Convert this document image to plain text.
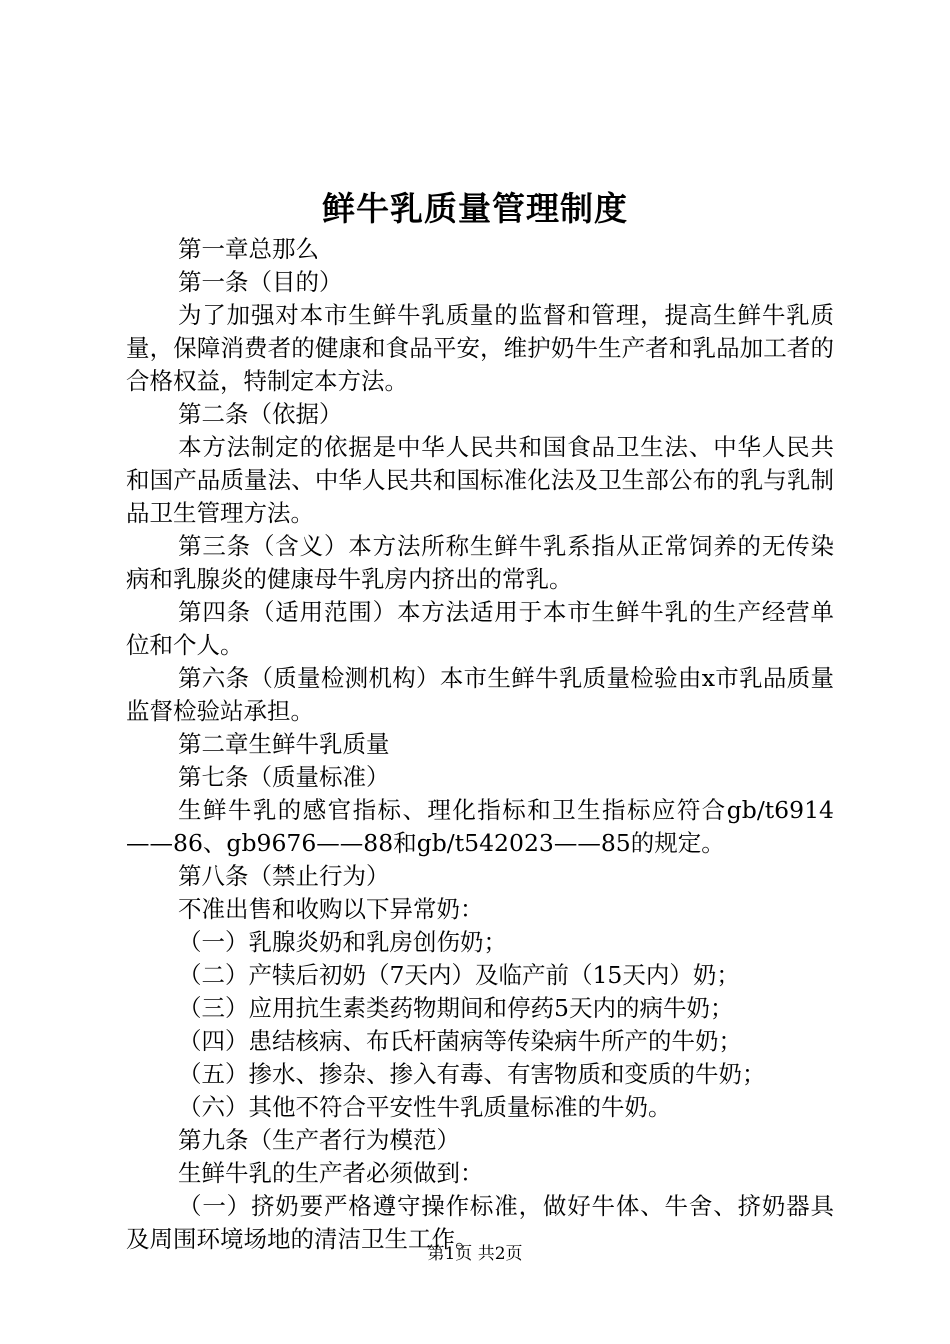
鲜牛乳质量管理制度

第一章总那么

第一条（目的）

为了加强对本市生鲜牛乳质量的监督和管理，提高生鲜牛乳质量，保障消费者的健康和食品平安，维护奶牛生产者和乳品加工者的合格权益，特制定本方法。

第二条（依据）

本方法制定的依据是中华人民共和国食品卫生法、中华人民共和国产品质量法、中华人民共和国标准化法及卫生部公布的乳与乳制品卫生管理方法。

第三条（含义）本方法所称生鲜牛乳系指从正常饲养的无传染病和乳腺炎的健康母牛乳房内挤出的常乳。

第四条（适用范围）本方法适用于本市生鲜牛乳的生产经营单位和个人。

第六条（质量检测机构）本市生鲜牛乳质量检验由x市乳品质量监督检验站承担。

第二章生鲜牛乳质量

第七条（质量标准）

生鲜牛乳的感官指标、理化指标和卫生指标应符合gb/t6914——86、gb9676——88和gb/t542023——85的规定。

第八条（禁止行为）

不准出售和收购以下异常奶：

（一）乳腺炎奶和乳房创伤奶；

（二）产犊后初奶（7天内）及临产前（15天内）奶；

（三）应用抗生素类药物期间和停药5天内的病牛奶；

（四）患结核病、布氏杆菌病等传染病牛所产的牛奶；

（五）掺水、掺杂、掺入有毒、有害物质和变质的牛奶；

（六）其他不符合平安性牛乳质量标准的牛奶。

第九条（生产者行为模范）

生鲜牛乳的生产者必须做到：

（一）挤奶要严格遵守操作标准，做好牛体、牛舍、挤奶器具及周围环境场地的清洁卫生工作。

第1页 共2页
